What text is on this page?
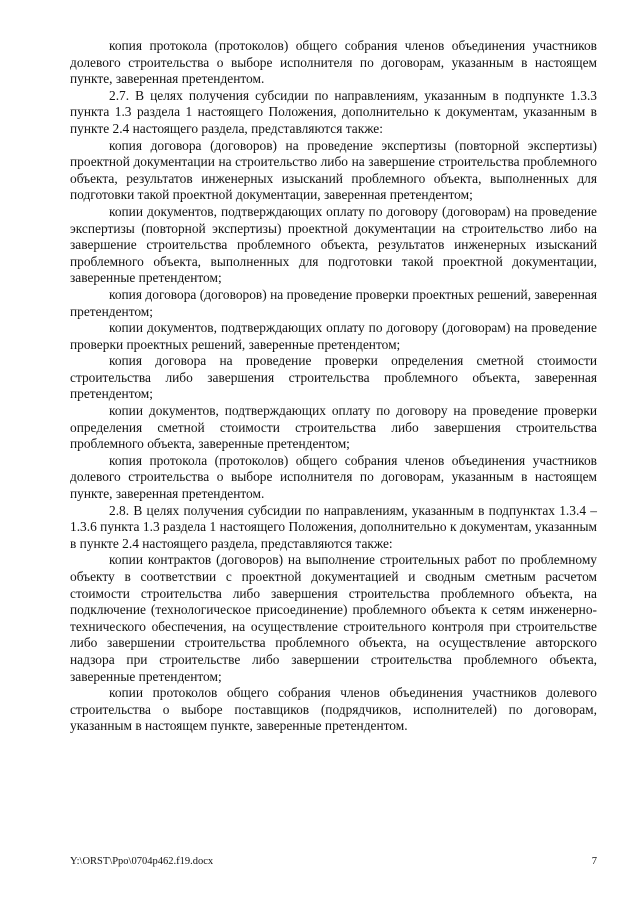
копия протокола (протоколов) общего собрания членов объединения участников долевого строительства о выборе исполнителя по договорам, указанным в настоящем пункте, заверенная претендентом.

2.7. В целях получения субсидии по направлениям, указанным в подпункте 1.3.3 пункта 1.3 раздела 1 настоящего Положения, дополнительно к документам, указанным в пункте 2.4 настоящего раздела, представляются также:

копия договора (договоров) на проведение экспертизы (повторной экспертизы) проектной документации на строительство либо на завершение строительства проблемного объекта, результатов инженерных изысканий проблемного объекта, выполненных для подготовки такой проектной документации, заверенная претендентом;

копии документов, подтверждающих оплату по договору (договорам) на проведение экспертизы (повторной экспертизы) проектной документации на строительство либо на завершение строительства проблемного объекта, результатов инженерных изысканий проблемного объекта, выполненных для подготовки такой проектной документации, заверенные претендентом;

копия договора (договоров) на проведение проверки проектных решений, заверенная претендентом;

копии документов, подтверждающих оплату по договору (договорам) на проведение проверки проектных решений, заверенные претендентом;

копия договора на проведение проверки определения сметной стоимости строительства либо завершения строительства проблемного объекта, заверенная претендентом;

копии документов, подтверждающих оплату по договору на проведение проверки определения сметной стоимости строительства либо завершения строительства проблемного объекта, заверенные претендентом;

копия протокола (протоколов) общего собрания членов объединения участников долевого строительства о выборе исполнителя по договорам, указанным в настоящем пункте, заверенная претендентом.

2.8. В целях получения субсидии по направлениям, указанным в подпунктах 1.3.4 – 1.3.6 пункта 1.3 раздела 1 настоящего Положения, дополнительно к документам, указанным в пункте 2.4 настоящего раздела, представляются также:

копии контрактов (договоров) на выполнение строительных работ по проблемному объекту в соответствии с проектной документацией и сводным сметным расчетом стоимости строительства либо завершения строительства проблемного объекта, на подключение (технологическое присоединение) проблемного объекта к сетям инженерно-технического обеспечения, на осуществление строительного контроля при строительстве либо завершении строительства проблемного объекта, на осуществление авторского надзора при строительстве либо завершении строительства проблемного объекта, заверенные претендентом;

копии протоколов общего собрания членов объединения участников долевого строительства о выборе поставщиков (подрядчиков, исполнителей) по договорам, указанным в настоящем пункте, заверенные претендентом.

Y:\ORST\Ppo\0704p462.f19.docx	7
